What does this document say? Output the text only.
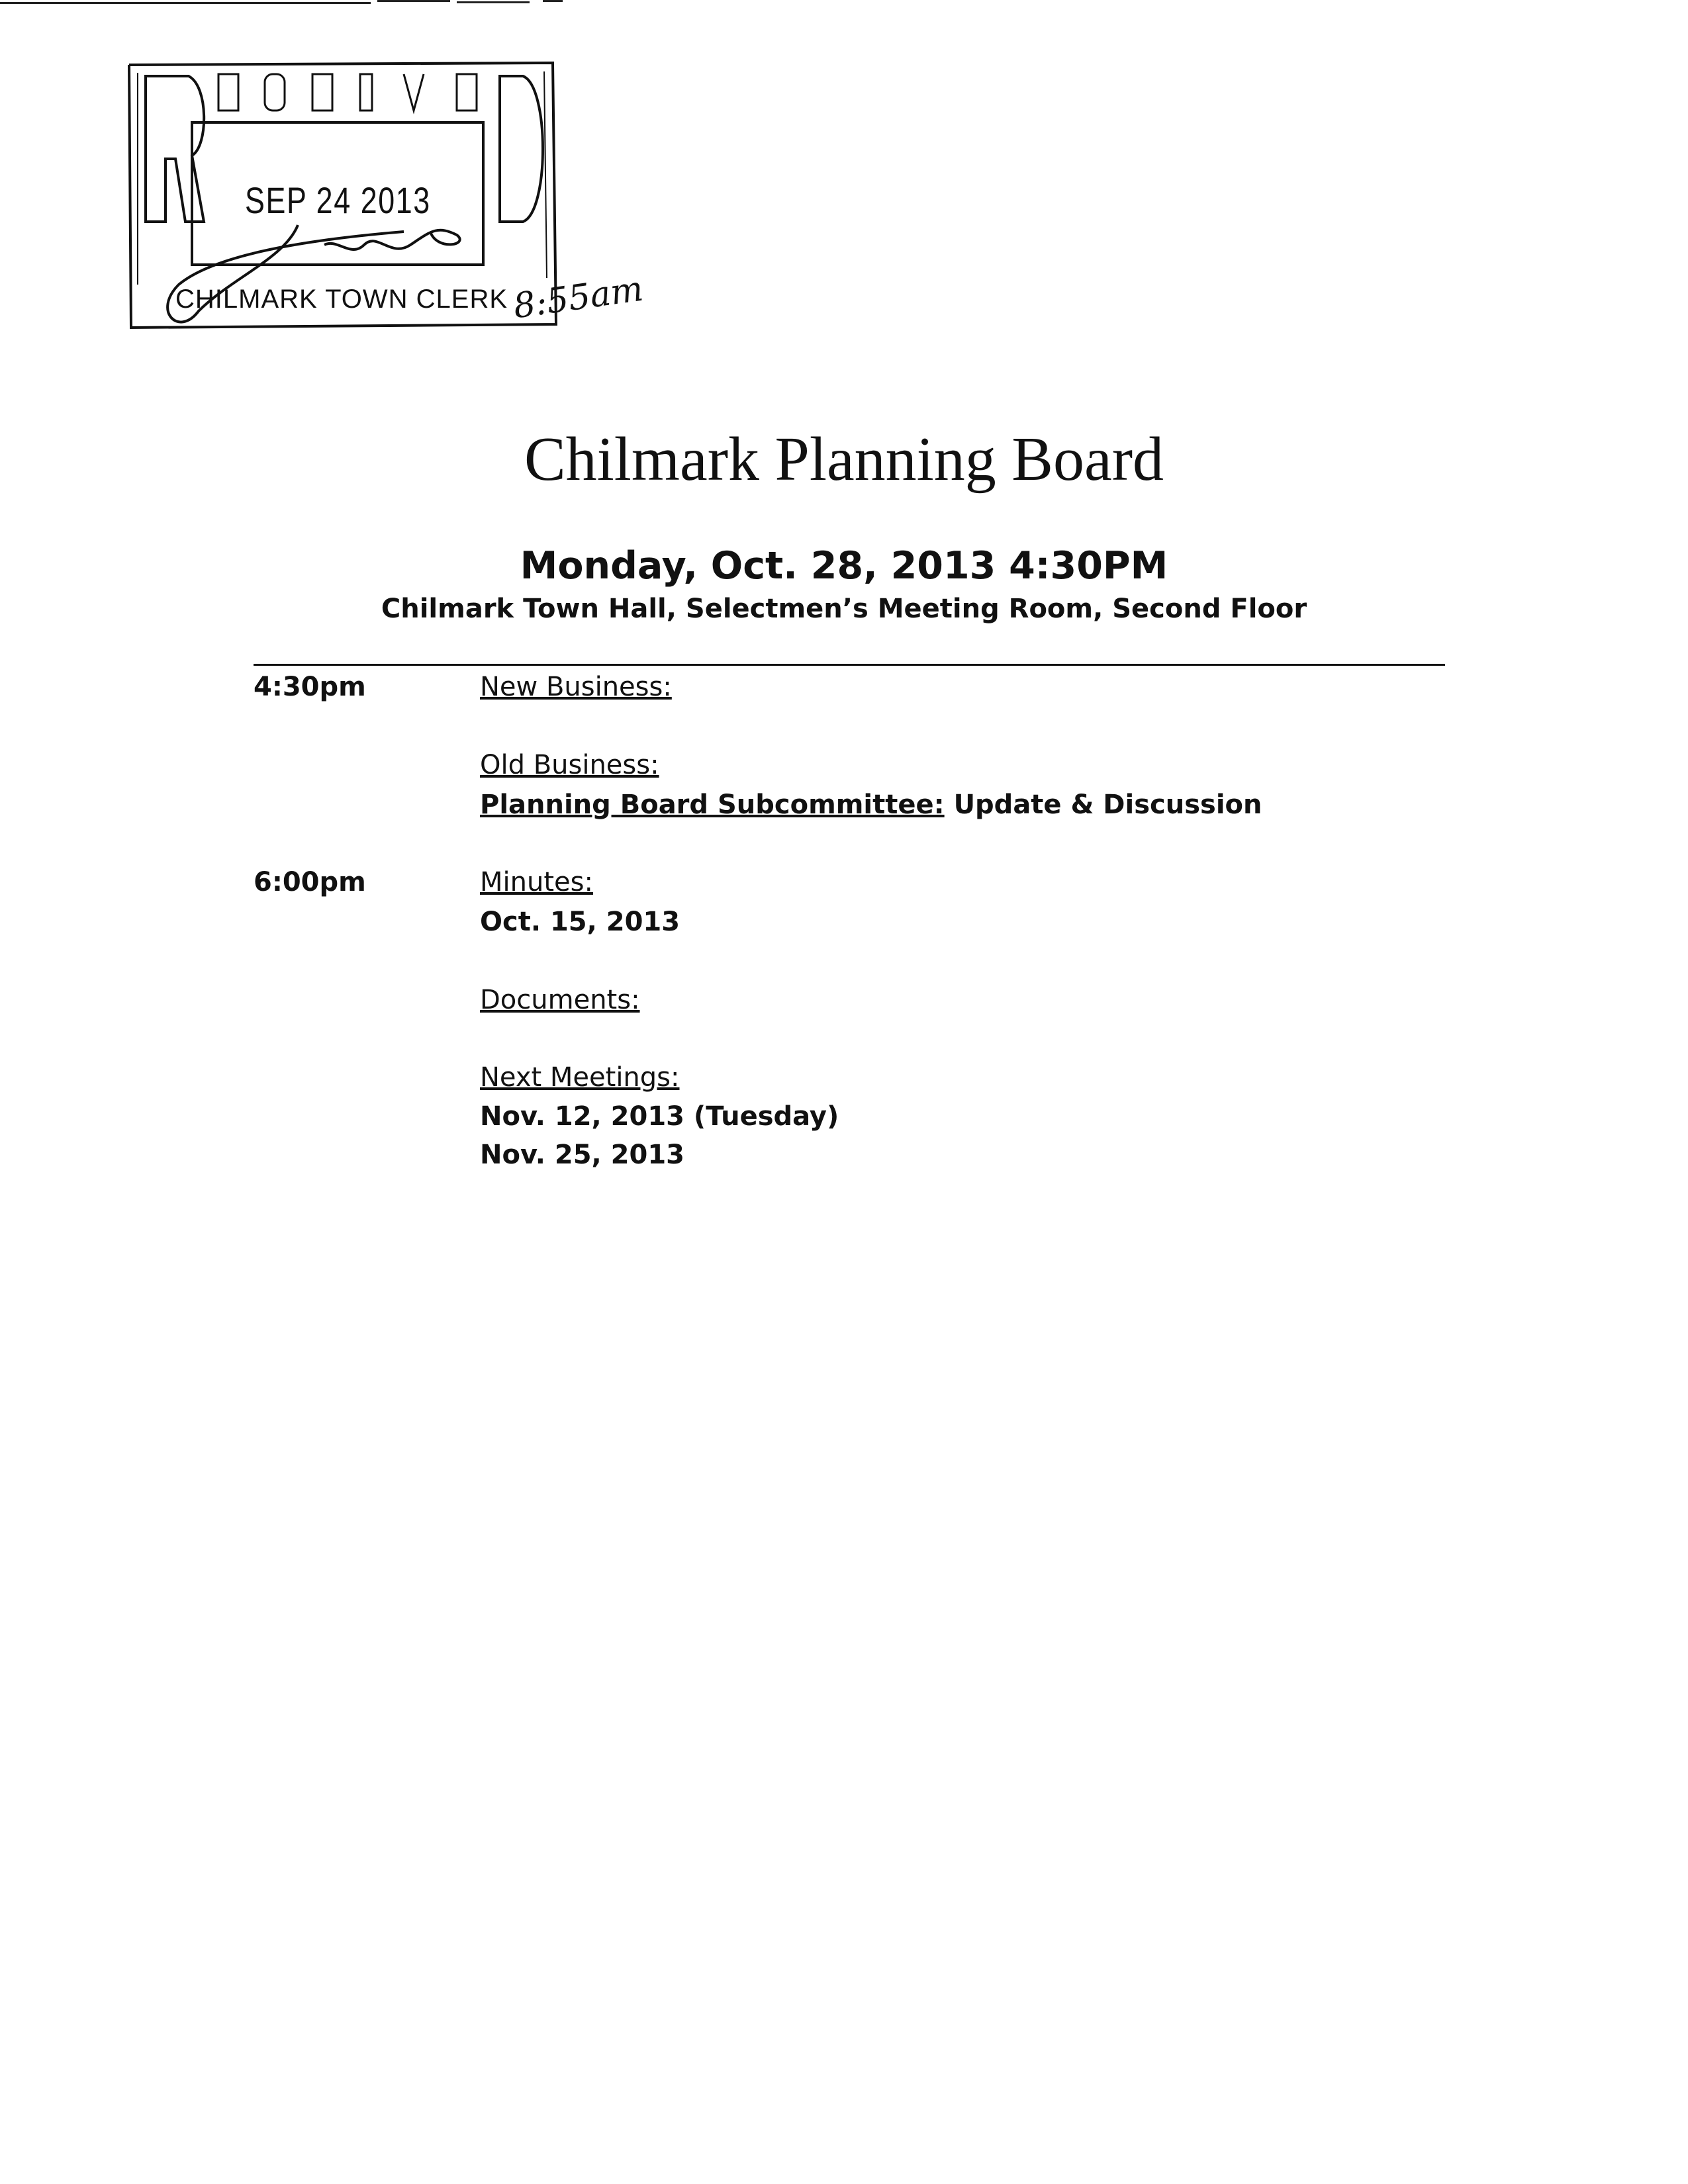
SEP 24 2013
CHILMARK TOWN CLERK 8:55am
Chilmark Planning Board
Monday, Oct. 28, 2013 4:30PM
Chilmark Town Hall, Selectmen’s Meeting Room, Second Floor
4:30pm	New Business:
Old Business:
Planning Board Subcommittee: Update & Discussion
6:00pm	Minutes:
Oct. 15, 2013
Documents:
Next Meetings:
Nov. 12, 2013 (Tuesday)
Nov. 25, 2013
